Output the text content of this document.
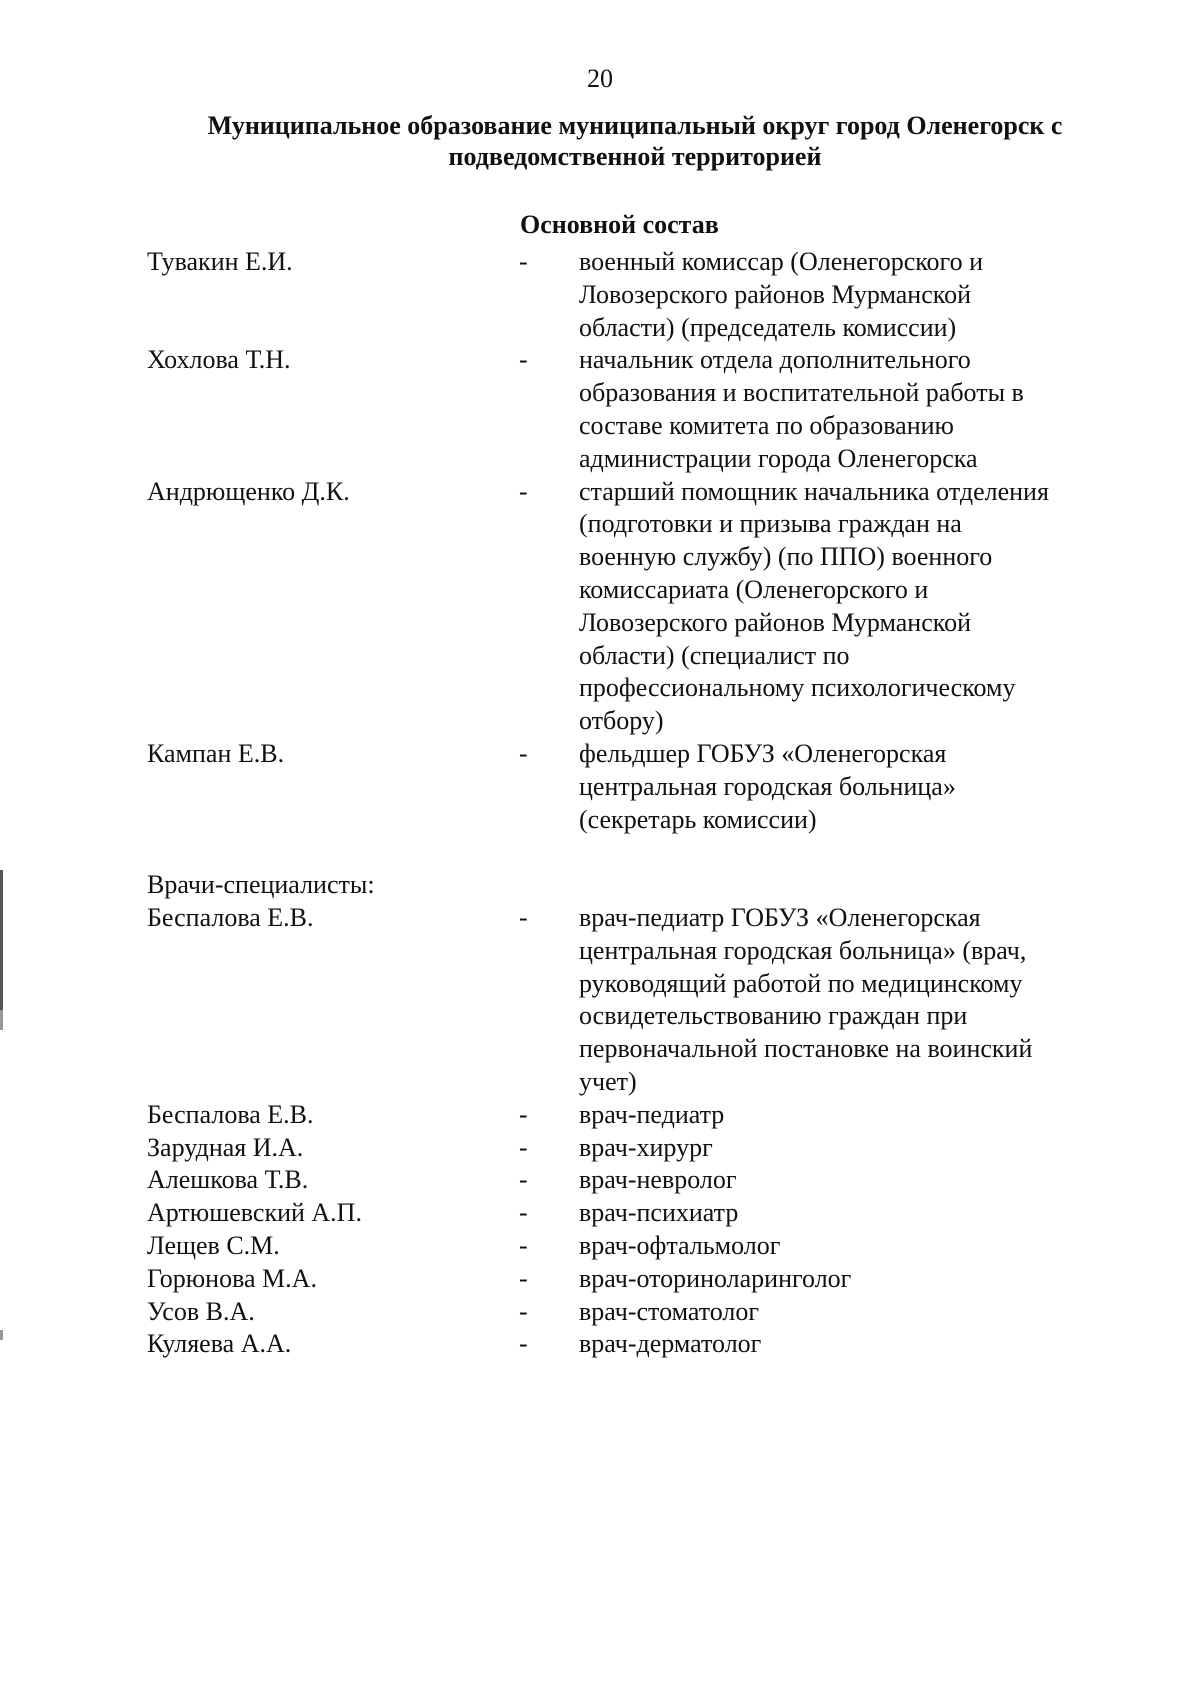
20
Муниципальное образование муниципальный округ город Оленегорск с подведомственной территорией
Основной состав
Тувакин Е.И.	-	военный комиссар (Оленегорского и
Ловозерского районов Мурманской
области) (председатель комиссии)
Хохлова Т.Н.	-	начальник отдела дополнительного
образования и воспитательной работы в
составе комитета по образованию
администрации города Оленегорска
Андрющенко Д.К.	-	старший помощник начальника отделения
(подготовки и призыва граждан на
военную службу) (по ППО) военного
комиссариата (Оленегорского и
Ловозерского районов Мурманской
области) (специалист по
профессиональному психологическому
отбору)
Кампан Е.В.	-	фельдшер ГОБУЗ «Оленегорская
центральная городская больница»
(секретарь комиссии)
Врачи-специалисты:
Беспалова Е.В.	-	врач-педиатр ГОБУЗ «Оленегорская
центральная городская больница» (врач,
руководящий работой по медицинскому
освидетельствованию граждан при
первоначальной постановке на воинский
учет)
Беспалова Е.В.	-	врач-педиатр
Зарудная И.А.	-	врач-хирург
Алешкова Т.В.	-	врач-невролог
Артюшевский А.П.	-	врач-психиатр
Лещев С.М.	-	врач-офтальмолог
Горюнова М.А.	-	врач-оториноларинголог
Усов В.А.	-	врач-стоматолог
Куляева А.А.	-	врач-дерматолог
